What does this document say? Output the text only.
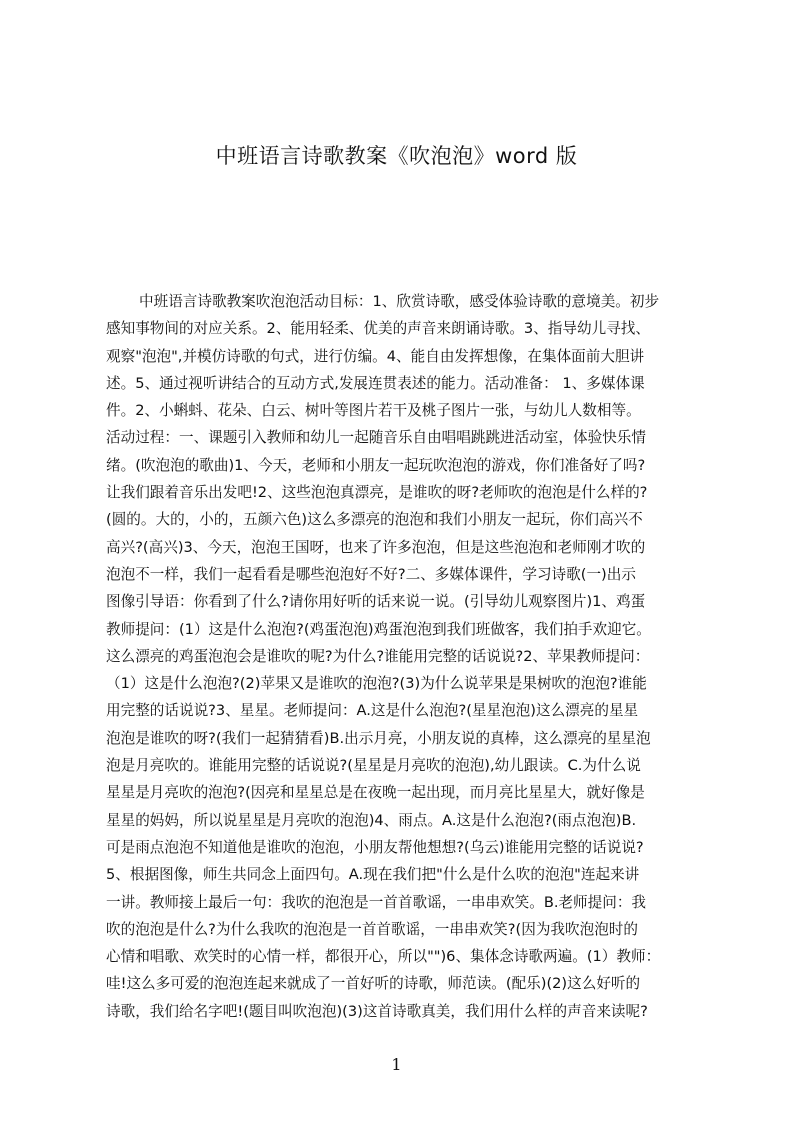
中班语言诗歌教案《吹泡泡》word 版
中班语言诗歌教案吹泡泡活动目标：1、欣赏诗歌，感受体验诗歌的意境美。初步
感知事物间的对应关系。2、能用轻柔、优美的声音来朗诵诗歌。3、指导幼儿寻找、
观察"泡泡",并模仿诗歌的句式，进行仿编。4、能自由发挥想像，在集体面前大胆讲
述。5、通过视听讲结合的互动方式,发展连贯表述的能力。活动准备： 1、多媒体课
件。2、小蝌蚪、花朵、白云、树叶等图片若干及桃子图片一张，与幼儿人数相等。
活动过程：一、课题引入教师和幼儿一起随音乐自由唱唱跳跳进活动室，体验快乐情
绪。(吹泡泡的歌曲)1、今天，老师和小朋友一起玩吹泡泡的游戏，你们准备好了吗?
让我们跟着音乐出发吧!2、这些泡泡真漂亮，是谁吹的呀?老师吹的泡泡是什么样的?
(圆的。大的，小的，五颜六色)这么多漂亮的泡泡和我们小朋友一起玩，你们高兴不
高兴?(高兴)3、今天，泡泡王国呀，也来了许多泡泡，但是这些泡泡和老师刚才吹的
泡泡不一样，我们一起看看是哪些泡泡好不好?二、多媒体课件，学习诗歌(一)出示
图像引导语：你看到了什么?请你用好听的话来说一说。(引导幼儿观察图片)1、鸡蛋
教师提问：(1）这是什么泡泡?(鸡蛋泡泡)鸡蛋泡泡到我们班做客，我们拍手欢迎它。
这么漂亮的鸡蛋泡泡会是谁吹的呢?为什么?谁能用完整的话说说?2、苹果教师提问：
（1）这是什么泡泡?(2)苹果又是谁吹的泡泡?(3)为什么说苹果是果树吹的泡泡?谁能
用完整的话说说?3、星星。老师提问：A.这是什么泡泡?(星星泡泡)这么漂亮的星星
泡泡是谁吹的呀?(我们一起猜猜看)B.出示月亮，小朋友说的真棒，这么漂亮的星星泡
泡是月亮吹的。谁能用完整的话说说?(星星是月亮吹的泡泡),幼儿跟读。C.为什么说
星星是月亮吹的泡泡?(因亮和星星总是在夜晚一起出现，而月亮比星星大，就好像是
星星的妈妈，所以说星星是月亮吹的泡泡)4、雨点。A.这是什么泡泡?(雨点泡泡)B.
可是雨点泡泡不知道他是谁吹的泡泡，小朋友帮他想想?(乌云)谁能用完整的话说说?
5、根据图像，师生共同念上面四句。A.现在我们把"什么是什么吹的泡泡"连起来讲
一讲。教师接上最后一句：我吹的泡泡是一首首歌谣，一串串欢笑。B.老师提问：我
吹的泡泡是什么?为什么我吹的泡泡是一首首歌谣，一串串欢笑?(因为我吹泡泡时的
心情和唱歌、欢笑时的心情一样，都很开心，所以"")6、集体念诗歌两遍。(1）教师：
哇!这么多可爱的泡泡连起来就成了一首好听的诗歌，师范读。(配乐)(2)这么好听的
诗歌，我们给名字吧!(题目叫吹泡泡)(3)这首诗歌真美，我们用什么样的声音来读呢?
1
